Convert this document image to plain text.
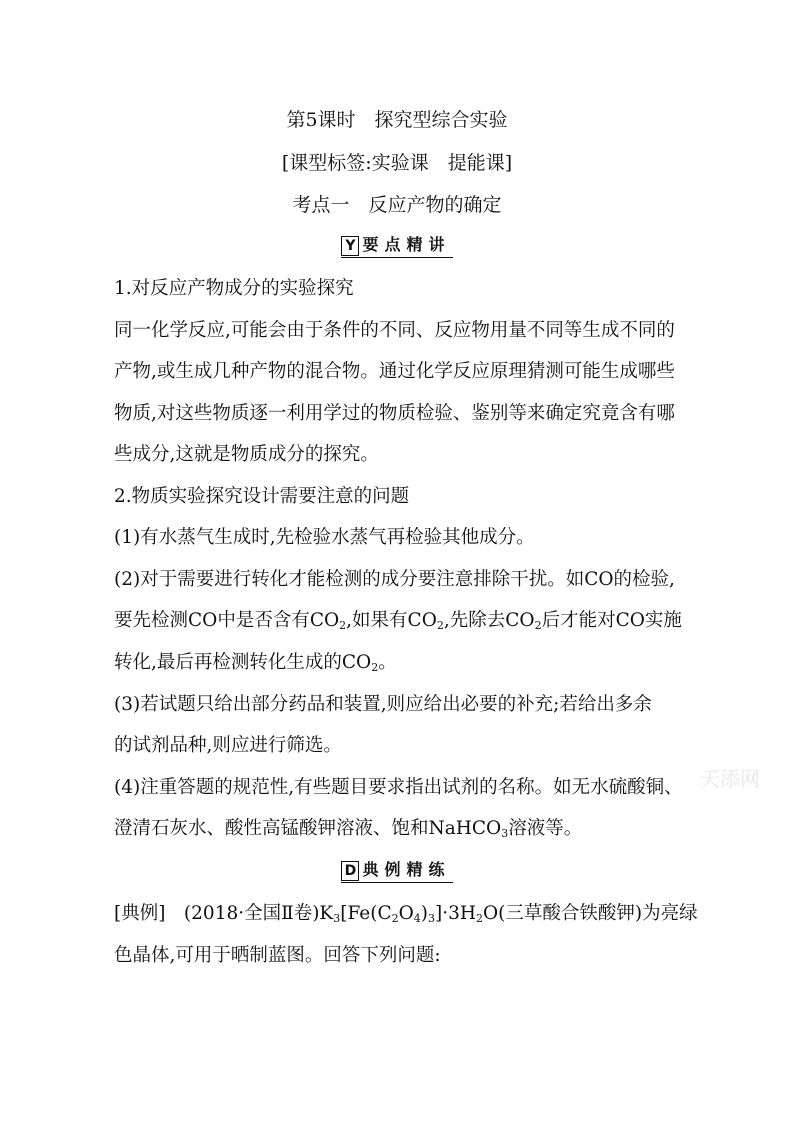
第5课时　探究型综合实验
[课型标签:实验课　提能课]
考点一　反应产物的确定
Y 要点精讲
1.对反应产物成分的实验探究
同一化学反应,可能会由于条件的不同、反应物用量不同等生成不同的
产物,或生成几种产物的混合物。通过化学反应原理猜测可能生成哪些
物质,对这些物质逐一利用学过的物质检验、鉴别等来确定究竟含有哪
些成分,这就是物质成分的探究。
2.物质实验探究设计需要注意的问题
(1)有水蒸气生成时,先检验水蒸气再检验其他成分。
(2)对于需要进行转化才能检测的成分要注意排除干扰。如CO的检验,
要先检测CO中是否含有$CO_2$,如果有$CO_2$,先除去$CO_2$后才能对CO实施
转化,最后再检测转化生成的$CO_2$。
(3)若试题只给出部分药品和装置,则应给出必要的补充;若给出多余
的试剂品种,则应进行筛选。
(4)注重答题的规范性,有些题目要求指出试剂的名称。如无水硫酸铜、
澄清石灰水、酸性高锰酸钾溶液、饱和NaHCO$_3$溶液等。
D 典例精练
[典例]　(2018·全国Ⅱ卷)$K_3[Fe(C_2O_4)_3]\cdot 3H_2O$(三草酸合铁酸钾)为亮绿
色晶体,可用于晒制蓝图。回答下列问题:
天添网
